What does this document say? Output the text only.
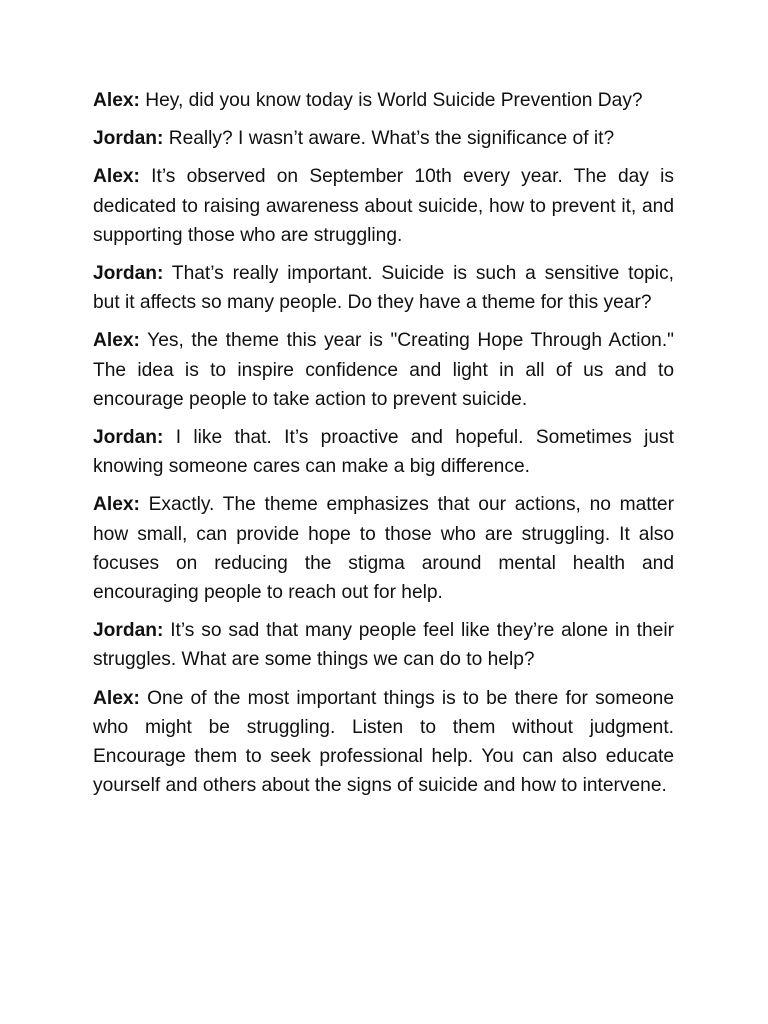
Alex: Hey, did you know today is World Suicide Prevention Day?

Jordan: Really? I wasn’t aware. What’s the significance of it?

Alex: It’s observed on September 10th every year. The day is dedicated to raising awareness about suicide, how to prevent it, and supporting those who are struggling.

Jordan: That’s really important. Suicide is such a sensitive topic, but it affects so many people. Do they have a theme for this year?

Alex: Yes, the theme this year is "Creating Hope Through Action." The idea is to inspire confidence and light in all of us and to encourage people to take action to prevent suicide.

Jordan: I like that. It’s proactive and hopeful. Sometimes just knowing someone cares can make a big difference.

Alex: Exactly. The theme emphasizes that our actions, no matter how small, can provide hope to those who are struggling. It also focuses on reducing the stigma around mental health and encouraging people to reach out for help.

Jordan: It’s so sad that many people feel like they’re alone in their struggles. What are some things we can do to help?

Alex: One of the most important things is to be there for someone who might be struggling. Listen to them without judgment. Encourage them to seek professional help. You can also educate yourself and others about the signs of suicide and how to intervene.
